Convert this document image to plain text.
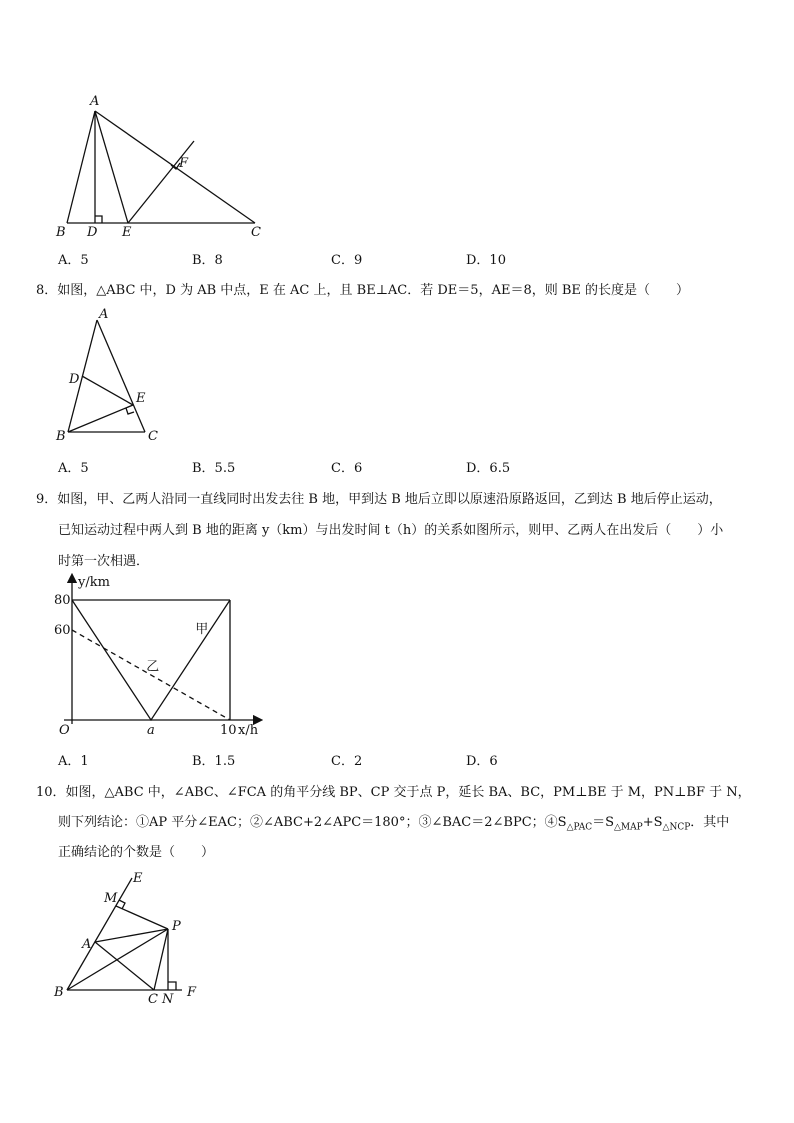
A
B D E
F
C
A．5	B．8	C．9	D．10
8．如图，△ABC 中，D 为 AB 中点，E 在 AC 上，且 BE⊥AC．若 DE＝5，AE＝8，则 BE 的长度是（　　）
A
D
E
B	C
A．5	B．5.5	C．6	D．6.5
9．如图，甲、乙两人沿同一直线同时出发去往 B 地，甲到达 B 地后立即以原速沿原路返回，乙到达 B 地后停止运动，
已知运动过程中两人到 B 地的距离 y（km）与出发时间 t（h）的关系如图所示，则甲、乙两人在出发后（　　）小
时第一次相遇．
甲
乙
80
60
a	10
O	x/h
y/km
A．1	B．1.5	C．2	D．6
10．如图，△ABC 中，∠ABC、∠FCA 的角平分线 BP、CP 交于点 P，延长 BA、BC，PM⊥BE 于 M，PN⊥BF 于 N，
则下列结论：①AP 平分∠EAC；②∠ABC+2∠APC＝180°；③∠BAC＝2∠BPC；$④S_{\triangle PAC}=S_{\triangle MAP}+S_{\triangle NCP}$．其中
正确结论的个数是（　　）
E
M
P
A
B	C N F
